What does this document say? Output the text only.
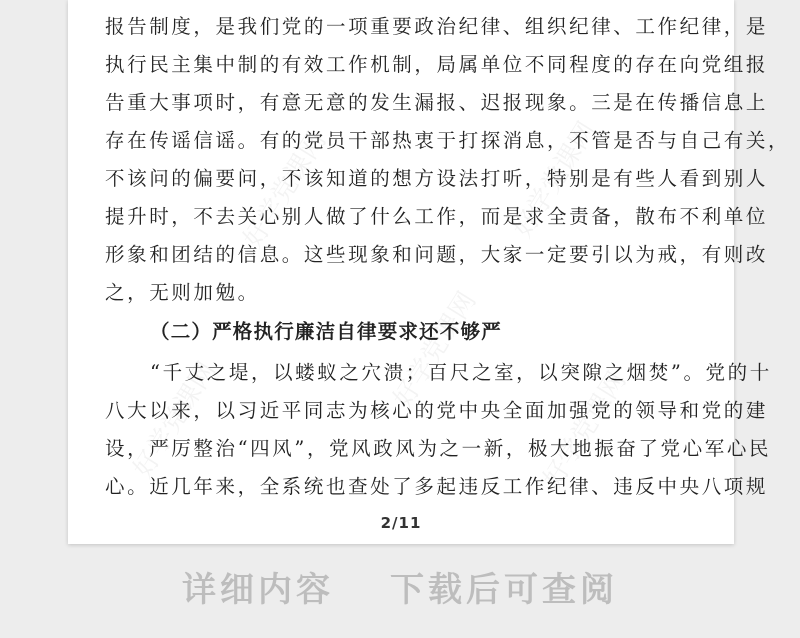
好学党课网	好学党课网
好学党课网
好学党课网	好学党课网
报告制度，是我们党的一项重要政治纪律、组织纪律、工作纪律，是
执行民主集中制的有效工作机制，局属单位不同程度的存在向党组报
告重大事项时，有意无意的发生漏报、迟报现象。三是在传播信息上
存在传谣信谣。有的党员干部热衷于打探消息，不管是否与自己有关，
不该问的偏要问，不该知道的想方设法打听，特别是有些人看到别人
提升时，不去关心别人做了什么工作，而是求全责备，散布不利单位
形象和团结的信息。这些现象和问题，大家一定要引以为戒，有则改
之，无则加勉。
（二）严格执行廉洁自律要求还不够严
“千丈之堤，以蝼蚁之穴溃；百尺之室，以突隙之烟焚”。党的十
八大以来，以习近平同志为核心的党中央全面加强党的领导和党的建
设，严厉整治“四风”，党风政风为之一新，极大地振奋了党心军心民
心。近几年来，全系统也查处了多起违反工作纪律、违反中央八项规
2/11
详细内容 下载后可查阅
